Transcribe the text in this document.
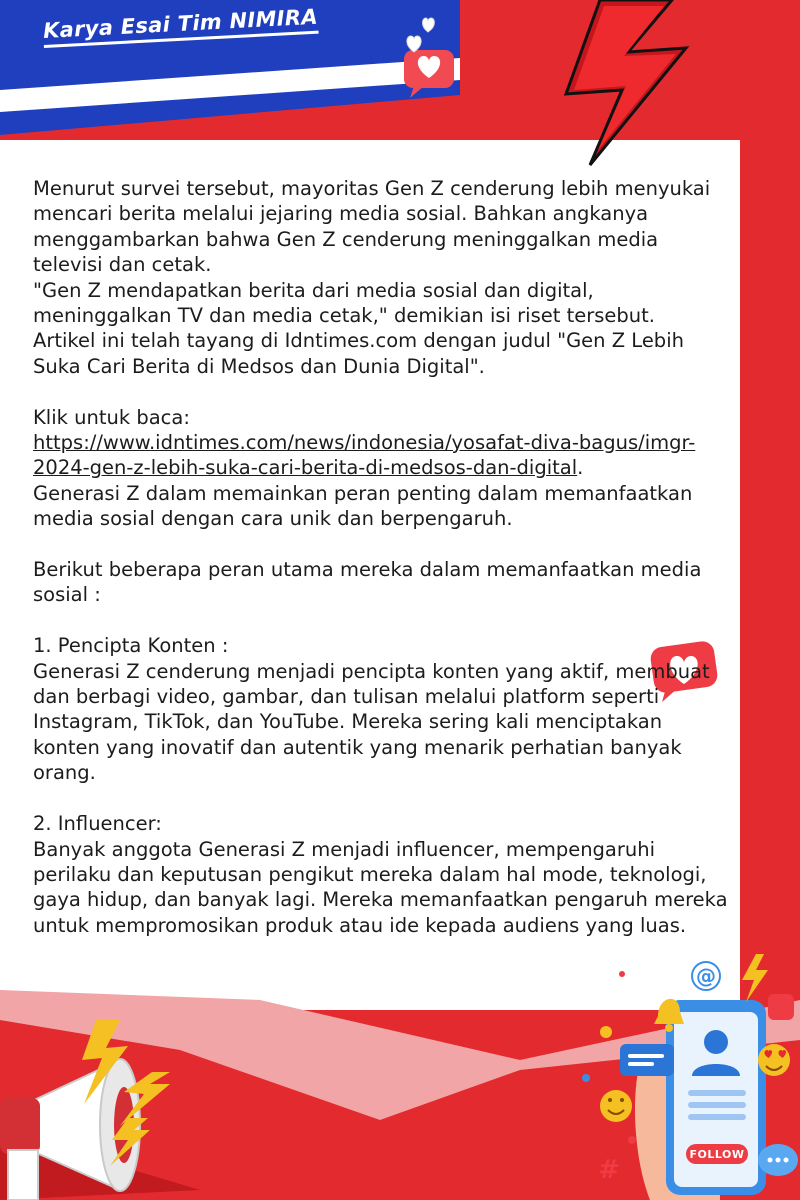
FOLLOW
@
#
Karya Esai Tim NIMIRA

Menurut survei tersebut, mayoritas Gen Z cenderung lebih menyukai mencari berita melalui jejaring media sosial. Bahkan angkanya menggambarkan bahwa Gen Z cenderung meninggalkan media televisi dan cetak.

"Gen Z mendapatkan berita dari media sosial dan digital, meninggalkan TV dan media cetak," demikian isi riset tersebut.

Artikel ini telah tayang di Idntimes.com dengan judul "Gen Z Lebih Suka Cari Berita di Medsos dan Dunia Digital".

Klik untuk baca:

https://www.idntimes.com/news/indonesia/yosafat-diva-bagus/imgr-2024-gen-z-lebih-suka-cari-berita-di-medsos-dan-digital.

Generasi Z dalam memainkan peran penting dalam memanfaatkan media sosial dengan cara unik dan berpengaruh.

Berikut beberapa peran utama mereka dalam memanfaatkan media sosial :

1. Pencipta Konten :

Generasi Z cenderung menjadi pencipta konten yang aktif, membuat dan berbagi video, gambar, dan tulisan melalui platform seperti Instagram, TikTok, dan YouTube. Mereka sering kali menciptakan konten yang inovatif dan autentik yang menarik perhatian banyak orang.

2. Influencer:

Banyak anggota Generasi Z menjadi influencer, mempengaruhi perilaku dan keputusan pengikut mereka dalam hal mode, teknologi, gaya hidup, dan banyak lagi. Mereka memanfaatkan pengaruh mereka untuk mempromosikan produk atau ide kepada audiens yang luas.
